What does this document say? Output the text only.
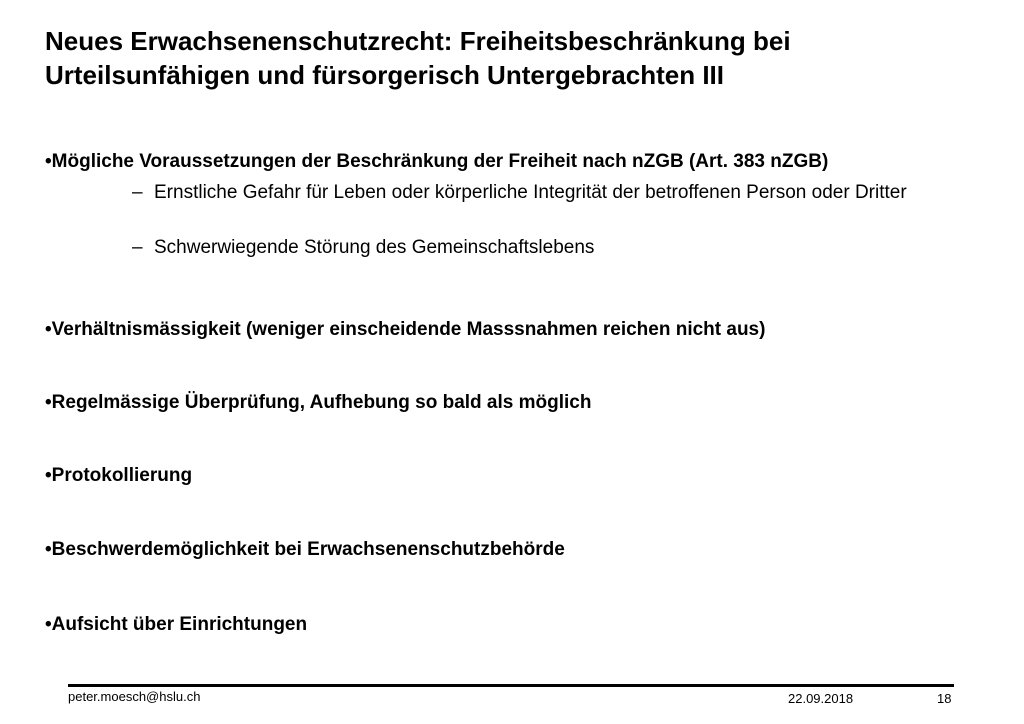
Neues Erwachsenenschutzrecht: Freiheitsbeschränkung bei
Urteilsunfähigen und fürsorgerisch Untergebrachten III
•Mögliche Voraussetzungen der Beschränkung der Freiheit nach nZGB (Art. 383 nZGB)
– Ernstliche Gefahr für Leben oder körperliche Integrität der betroffenen Person oder Dritter
– Schwerwiegende Störung des Gemeinschaftslebens
•Verhältnismässigkeit (weniger einscheidende Masssnahmen reichen nicht aus)
•Regelmässige Überprüfung, Aufhebung so bald als möglich
•Protokollierung
•Beschwerdemöglichkeit bei Erwachsenenschutzbehörde
•Aufsicht über Einrichtungen
peter.moesch@hslu.ch	22.09.2018	18
